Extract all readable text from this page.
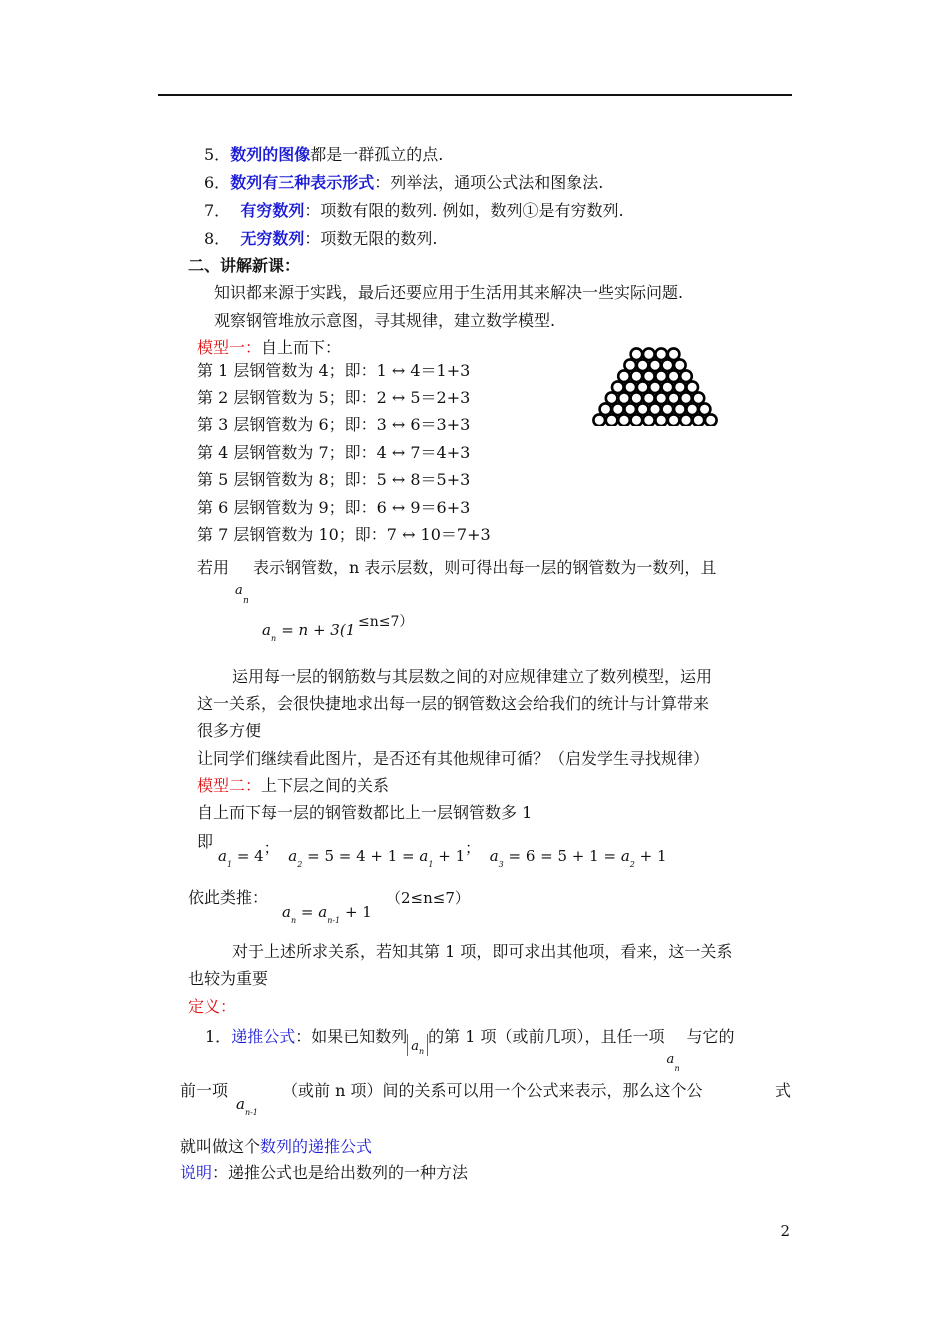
5．数列的图像都是一群孤立的点.
6．数列有三种表示形式：列举法，通项公式法和图象法.
7． 有穷数列：项数有限的数列. 例如，数列①是有穷数列.
8． 无穷数列：项数无限的数列.
二、讲解新课：
知识都来源于实践，最后还要应用于生活用其来解决一些实际问题.
观察钢管堆放示意图，寻其规律，建立数学模型.
模型一：自上而下：
第 1 层钢管数为 4；即：1 ↔ 4＝1+3
第 2 层钢管数为 5；即：2 ↔ 5＝2+3
第 3 层钢管数为 6；即：3 ↔ 6＝3+3
第 4 层钢管数为 7；即：4 ↔ 7＝4+3
第 5 层钢管数为 8；即：5 ↔ 8＝5+3
第 6 层钢管数为 9；即：6 ↔ 9＝6+3
第 7 层钢管数为 10；即：7 ↔ 10＝7+3
若用
a
n
表示钢管数，n 表示层数，则可得出每一层的钢管数为一数列，且
$a_n = n + 3(1 \le n\le 7)$
运用每一层的钢筋数与其层数之间的对应规律建立了数列模型，运用
这一关系，会很快捷地求出每一层的钢管数这会给我们的统计与计算带来
很多方便
让同学们继续看此图片，是否还有其他规律可循？（启发学生寻找规律）
模型二：上下层之间的关系
自上而下每一层的钢管数都比上一层钢管数多 1
即
$a_1 = 4$； $a_2 = 5 = 4 + 1 = a_1 + 1$； $a_3 = 6 = 5 + 1 = a_2 + 1$
依此类推：
$a_n = a_{n-1} + 1$
（2≤n≤7）
对于上述所求关系，若知其第 1 项，即可求出其他项，看来，这一关系
也较为重要
定义：
1．递推公式：如果已知数列$a_n$的第 1 项（或前几项），且任一项
a
n
与它的
前一项
$a_{n-1}$
（或前 n 项）间的关系可以用一个公式来表示，那么这个公	式
就叫做这个数列的递推公式
说明：递推公式也是给出数列的一种方法
2
